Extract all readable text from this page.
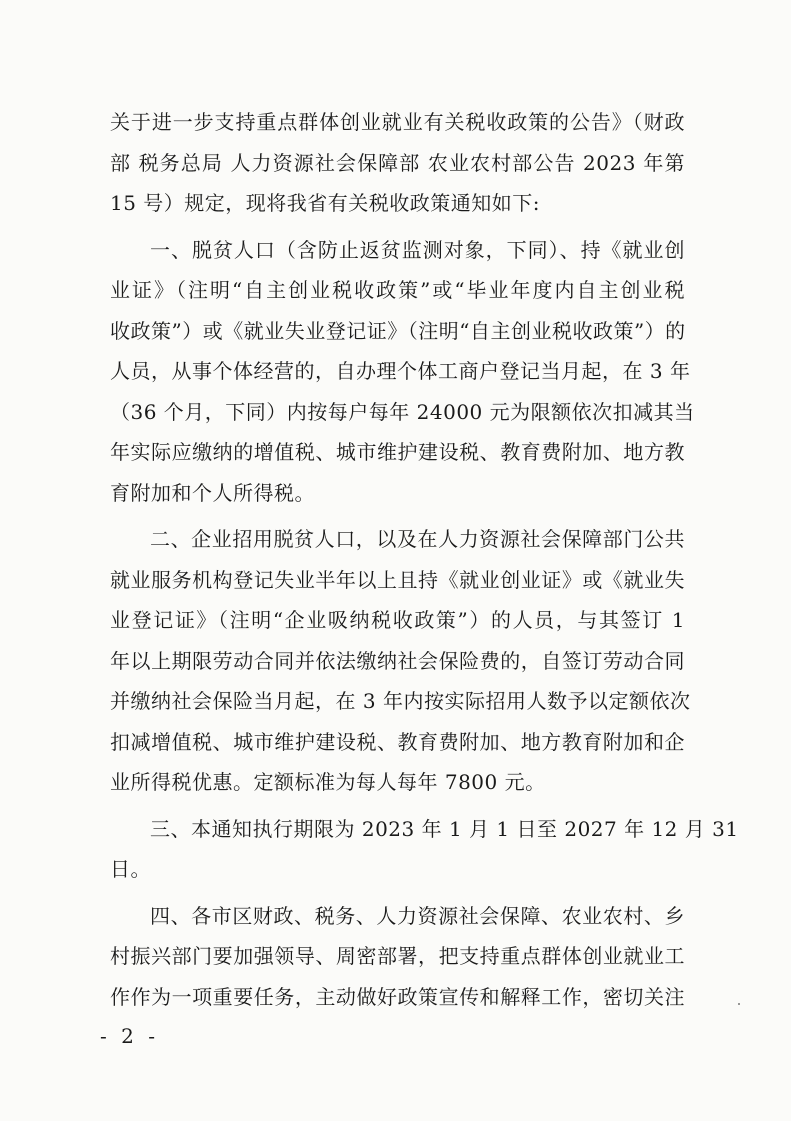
关于进一步支持重点群体创业就业有关税收政策的公告》（财政
部 税务总局 人力资源社会保障部 农业农村部公告 2023 年第
15 号）规定，现将我省有关税收政策通知如下:
一、脱贫人口（含防止返贫监测对象，下同）、持《就业创
业证》（注明“自主创业税收政策”或“毕业年度内自主创业税
收政策”）或《就业失业登记证》（注明“自主创业税收政策”）的
人员，从事个体经营的，自办理个体工商户登记当月起，在 3 年
（36 个月，下同）内按每户每年 24000 元为限额依次扣减其当
年实际应缴纳的增值税、城市维护建设税、教育费附加、地方教
育附加和个人所得税。
二、企业招用脱贫人口，以及在人力资源社会保障部门公共
就业服务机构登记失业半年以上且持《就业创业证》或《就业失
业登记证》（注明“企业吸纳税收政策”）的人员，与其签订 1
年以上期限劳动合同并依法缴纳社会保险费的，自签订劳动合同
并缴纳社会保险当月起，在 3 年内按实际招用人数予以定额依次
扣减增值税、城市维护建设税、教育费附加、地方教育附加和企
业所得税优惠。定额标准为每人每年 7800 元。
三、本通知执行期限为 2023 年 1 月 1 日至 2027 年 12 月 31
日。
四、各市区财政、税务、人力资源社会保障、农业农村、乡
村振兴部门要加强领导、周密部署，把支持重点群体创业就业工
作作为一项重要任务，主动做好政策宣传和解释工作，密切关注
- 2 -
